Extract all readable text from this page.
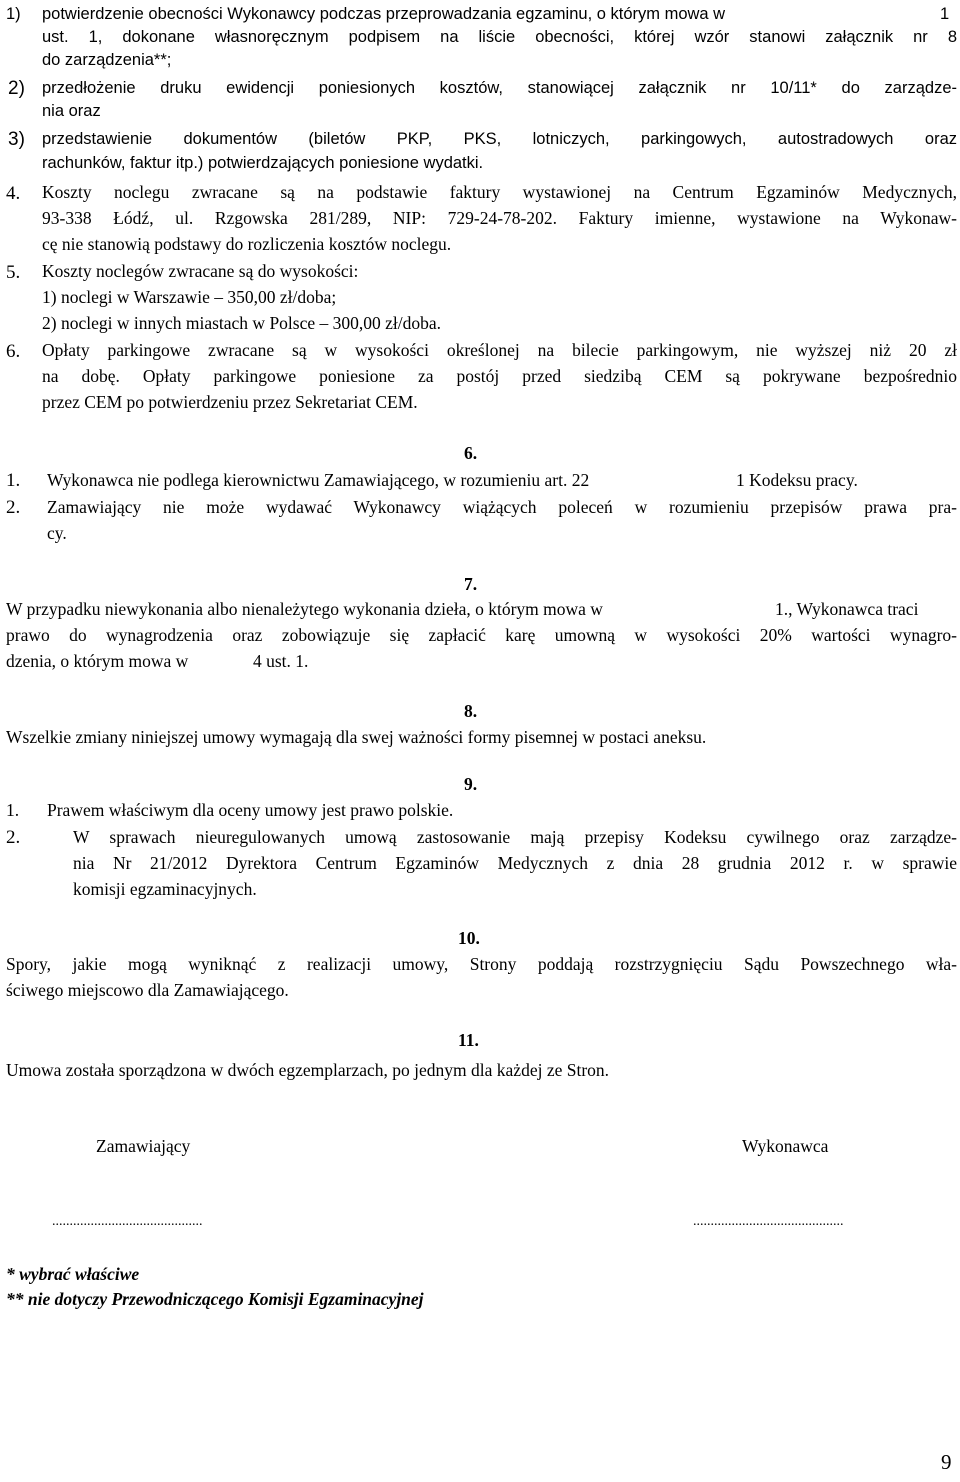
1) potwierdzenie obecności Wykonawcy podczas przeprowadzania egzaminu, o którym mowa w	1
ust. 1, dokonane własnoręcznym podpisem na liście obecności, której wzór stanowi załącznik nr 8
do zarządzenia**;
2) przedłożenie druku ewidencji poniesionych kosztów, stanowiącej załącznik nr 10/11* do zarządze-
nia oraz
3) przedstawienie dokumentów (biletów PKP, PKS, lotniczych, parkingowych, autostradowych oraz
rachunków, faktur itp.) potwierdzających poniesione wydatki.
4. Koszty noclegu zwracane są na podstawie faktury wystawionej na Centrum Egzaminów Medycznych,
93-338 Łódź, ul. Rzgowska 281/289, NIP: 729-24-78-202. Faktury imienne, wystawione na Wykonaw-
cę nie stanowią podstawy do rozliczenia kosztów noclegu.
5. Koszty noclegów zwracane są do wysokości:
1) noclegi w Warszawie – 350,00 zł/doba;
2) noclegi w innych miastach w Polsce – 300,00 zł/doba.
6. Opłaty parkingowe zwracane są w wysokości określonej na bilecie parkingowym, nie wyższej niż 20 zł
na dobę. Opłaty parkingowe poniesione za postój przed siedzibą CEM są pokrywane bezpośrednio
przez CEM po potwierdzeniu przez Sekretariat CEM.
6.
1. Wykonawca nie podlega kierownictwu Zamawiającego, w rozumieniu art. 22	1 Kodeksu pracy.
2. Zamawiający nie może wydawać Wykonawcy wiążących poleceń w rozumieniu przepisów prawa pra-
cy.
7.
W przypadku niewykonania albo nienależytego wykonania dzieła, o którym mowa w	1., Wykonawca traci
prawo do wynagrodzenia oraz zobowiązuje się zapłacić karę umowną w wysokości 20% wartości wynagro-
dzenia, o którym mowa w	4 ust. 1.
8.
Wszelkie zmiany niniejszej umowy wymagają dla swej ważności formy pisemnej w postaci aneksu.
9.
1. Prawem właściwym dla oceny umowy jest prawo polskie.
2.	W sprawach nieuregulowanych umową zastosowanie mają przepisy Kodeksu cywilnego oraz zarządze-
nia Nr 21/2012 Dyrektora Centrum Egzaminów Medycznych z dnia 28 grudnia 2012 r. w sprawie
komisji egzaminacyjnych.
10.
Spory, jakie mogą wyniknąć z realizacji umowy, Strony poddają rozstrzygnięciu Sądu Powszechnego wła-
ściwego miejscowo dla Zamawiającego.
11.
Umowa została sporządzona w dwóch egzemplarzach, po jednym dla każdej ze Stron.
Zamawiający	Wykonawca
...........................................	...........................................
* wybrać właściwe
** nie dotyczy Przewodniczącego Komisji Egzaminacyjnej
9
